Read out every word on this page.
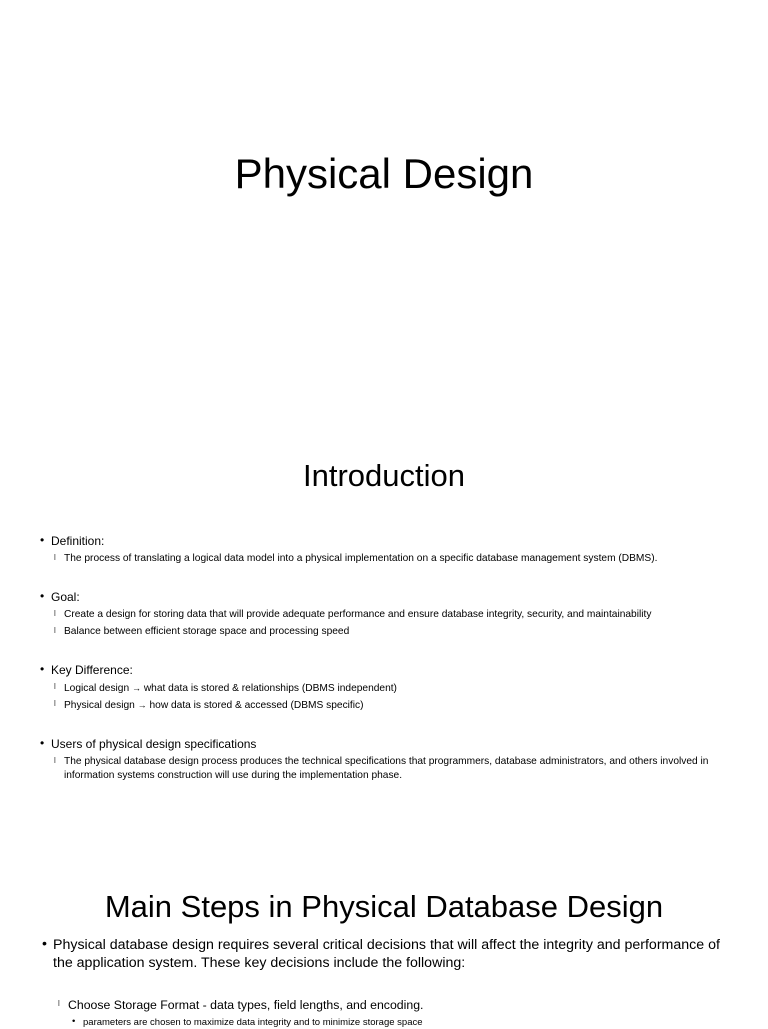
Physical Design
Introduction
• Definition:
l The process of translating a logical data model into a physical implementation on a specific database management system (DBMS).
• Goal:
l Create a design for storing data that will provide adequate performance and ensure database integrity, security, and maintainability
l Balance between efficient storage space and processing speed
• Key Difference:
l Logical design → what data is stored & relationships (DBMS independent)
l Physical design → how data is stored & accessed (DBMS specific)
• Users of physical design specifications
l The physical database design process produces the technical specifications that programmers, database administrators, and others involved in information systems construction will use during the implementation phase.
Main Steps in Physical Database Design
• Physical database design requires several critical decisions that will affect the integrity and performance of the application system. These key decisions include the following:
l Choose Storage Format - data types, field lengths, and encoding.
• parameters are chosen to maximize data integrity and to minimize storage space
